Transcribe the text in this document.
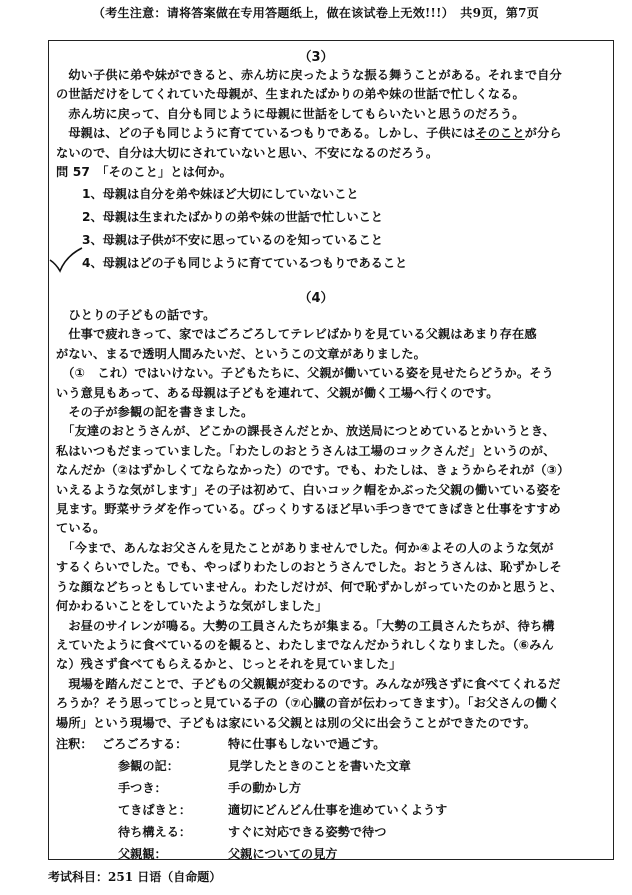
（考生注意：请将答案做在专用答题纸上，做在该试卷上无效!!!）　共9页，第7页
（3）
　幼い子供に弟や妹ができると、赤ん坊に戻ったような振る舞うことがある。それまで自分
の世話だけをしてくれていた母親が、生まれたばかりの弟や妹の世話で忙しくなる。
　赤ん坊に戻って、自分も同じように母親に世話をしてもらいたいと思うのだろう。
　母親は、どの子も同じように育てているつもりである。しかし、子供にはそのことが分ら
ないので、自分は大切にされていないと思い、不安になるのだろう。
問 57　「そのこと」とは何か。
1、母親は自分を弟や妹ほど大切にしていないこと
2、母親は生まれたばかりの弟や妹の世話で忙しいこと
3、母親は子供が不安に思っているのを知っていること
4、母親はどの子も同じように育てているつもりであること
（4）
　ひとりの子どもの話です。
　仕事で疲れきって、家ではごろごろしてテレビばかりを見ている父親はあまり存在感
がない、まるで透明人間みたいだ、というこの文章がありました。
　（①　これ）ではいけない。子どもたちに、父親が働いている姿を見せたらどうか。そう
いう意見もあって、ある母親は子どもを連れて、父親が働く工場へ行くのです。
　その子が参観の記を書きました。
　「友達のおとうさんが、どこかの課長さんだとか、放送局につとめているとかいうとき、
私はいつもだまっていました。「わたしのおとうさんは工場のコックさんだ」というのが、
なんだか（②はずかしくてならなかった）のです。でも、わたしは、きょうからそれが（③）
いえるような気がします」その子は初めて、白いコック帽をかぶった父親の働いている姿を
見ます。野菜サラダを作っている。びっくりするほど早い手つきでてきぱきと仕事をすすめ
ている。
　「今まで、あんなお父さんを見たことがありませんでした。何か④よその人のような気が
するくらいでした。でも、やっぱりわたしのおとうさんでした。おとうさんは、恥ずかしそ
うな顔などちっともしていません。わたしだけが、何で恥ずかしがっていたのかと思うと、
何かわるいことをしていたような気がしました」
　お昼のサイレンが鳴る。大勢の工員さんたちが集まる。「大勢の工員さんたちが、待ち構
えていたように食べているのを観ると、わたしまでなんだかうれしくなりました。（⑥みん
な）残さず食べてもらえるかと、じっとそれを見ていました」
　現場を踏んだことで、子どもの父親観が変わるのです。みんなが残さずに食べてくれるだ
ろうか？そう思ってじっと見ている子の（⑦心臓の音が伝わってきます）。「お父さんの働く
場所」という現場で、子どもは家にいる父親とは別の父に出会うことができたのです。
注釈： ごろごろする：	特に仕事もしないで過ごす。
参観の記：	見学したときのことを書いた文章
手つき：	手の動かし方
てきぱきと：	適切にどんどん仕事を進めていくようす
待ち構える：	すぐに対応できる姿勢で待つ
父親観：	父親についての見方
考试科目：251 日语（自命题）
